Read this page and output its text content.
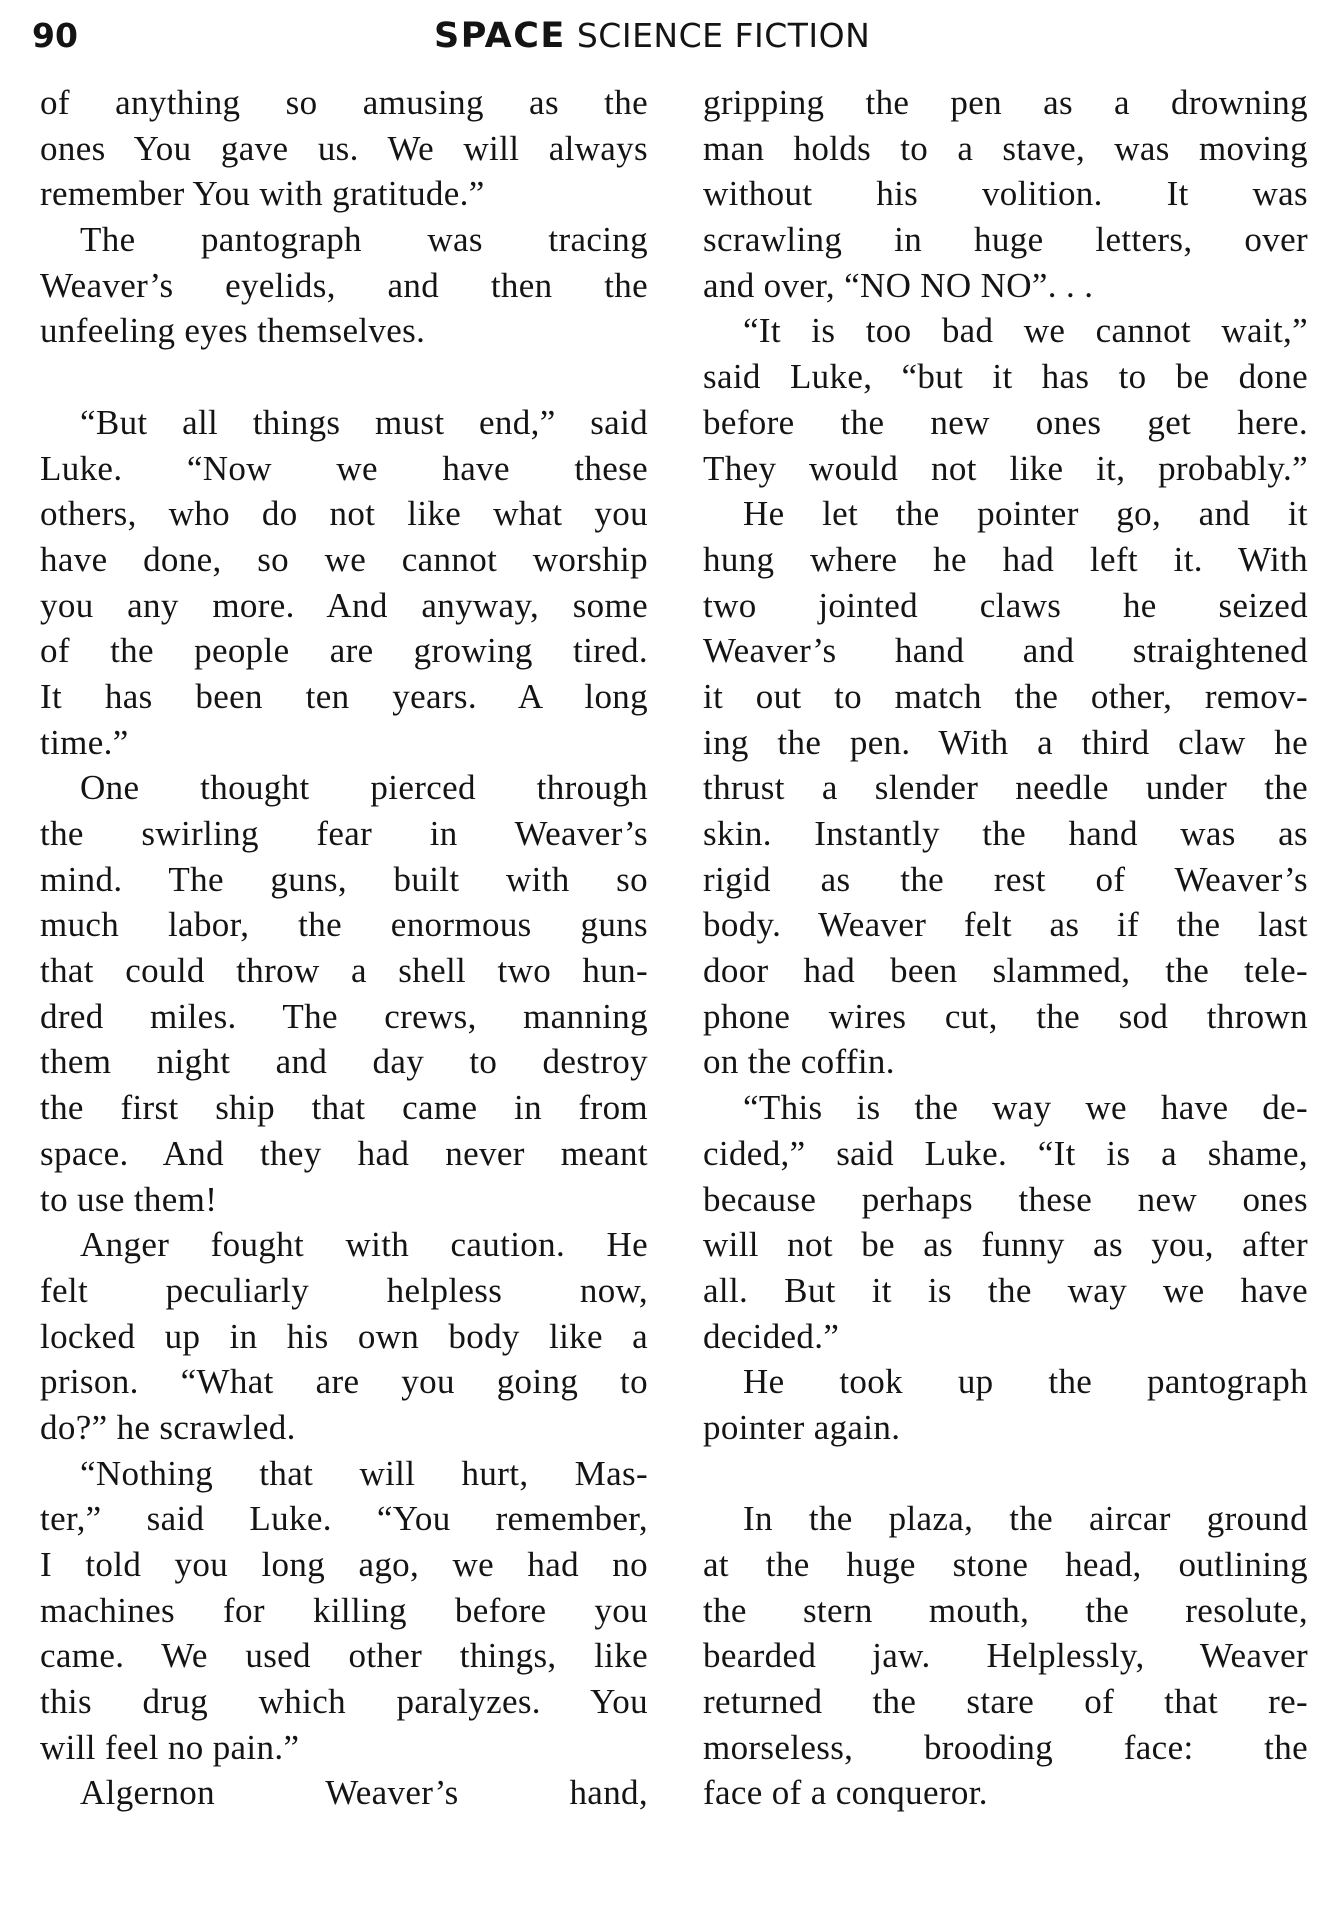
90	SPACE SCIENCE FICTION
of anything so amusing as the
ones You gave us. We will always
remember You with gratitude.”
The pantograph was tracing
Weaver’s eyelids, and then the
unfeeling eyes themselves.
“But all things must end,” said
Luke. “Now we have these
others, who do not like what you
have done, so we cannot worship
you any more. And anyway, some
of the people are growing tired.
It has been ten years. A long
time.”
One thought pierced through
the swirling fear in Weaver’s
mind. The guns, built with so
much labor, the enormous guns
that could throw a shell two hun-
dred miles. The crews, manning
them night and day to destroy
the first ship that came in from
space. And they had never meant
to use them!
Anger fought with caution. He
felt peculiarly helpless now,
locked up in his own body like a
prison. “What are you going to
do?” he scrawled.
“Nothing that will hurt, Mas-
ter,” said Luke. “You remember,
I told you long ago, we had no
machines for killing before you
came. We used other things, like
this drug which paralyzes. You
will feel no pain.”
Algernon Weaver’s hand,
gripping the pen as a drowning
man holds to a stave, was moving
without his volition. It was
scrawling in huge letters, over
and over, “NO NO NO”. . .
“It is too bad we cannot wait,”
said Luke, “but it has to be done
before the new ones get here.
They would not like it, probably.”
He let the pointer go, and it
hung where he had left it. With
two jointed claws he seized
Weaver’s hand and straightened
it out to match the other, remov-
ing the pen. With a third claw he
thrust a slender needle under the
skin. Instantly the hand was as
rigid as the rest of Weaver’s
body. Weaver felt as if the last
door had been slammed, the tele-
phone wires cut, the sod thrown
on the coffin.
“This is the way we have de-
cided,” said Luke. “It is a shame,
because perhaps these new ones
will not be as funny as you, after
all. But it is the way we have
decided.”
He took up the pantograph
pointer again.
In the plaza, the aircar ground
at the huge stone head, outlining
the stern mouth, the resolute,
bearded jaw. Helplessly, Weaver
returned the stare of that re-
morseless, brooding face: the
face of a conqueror.
